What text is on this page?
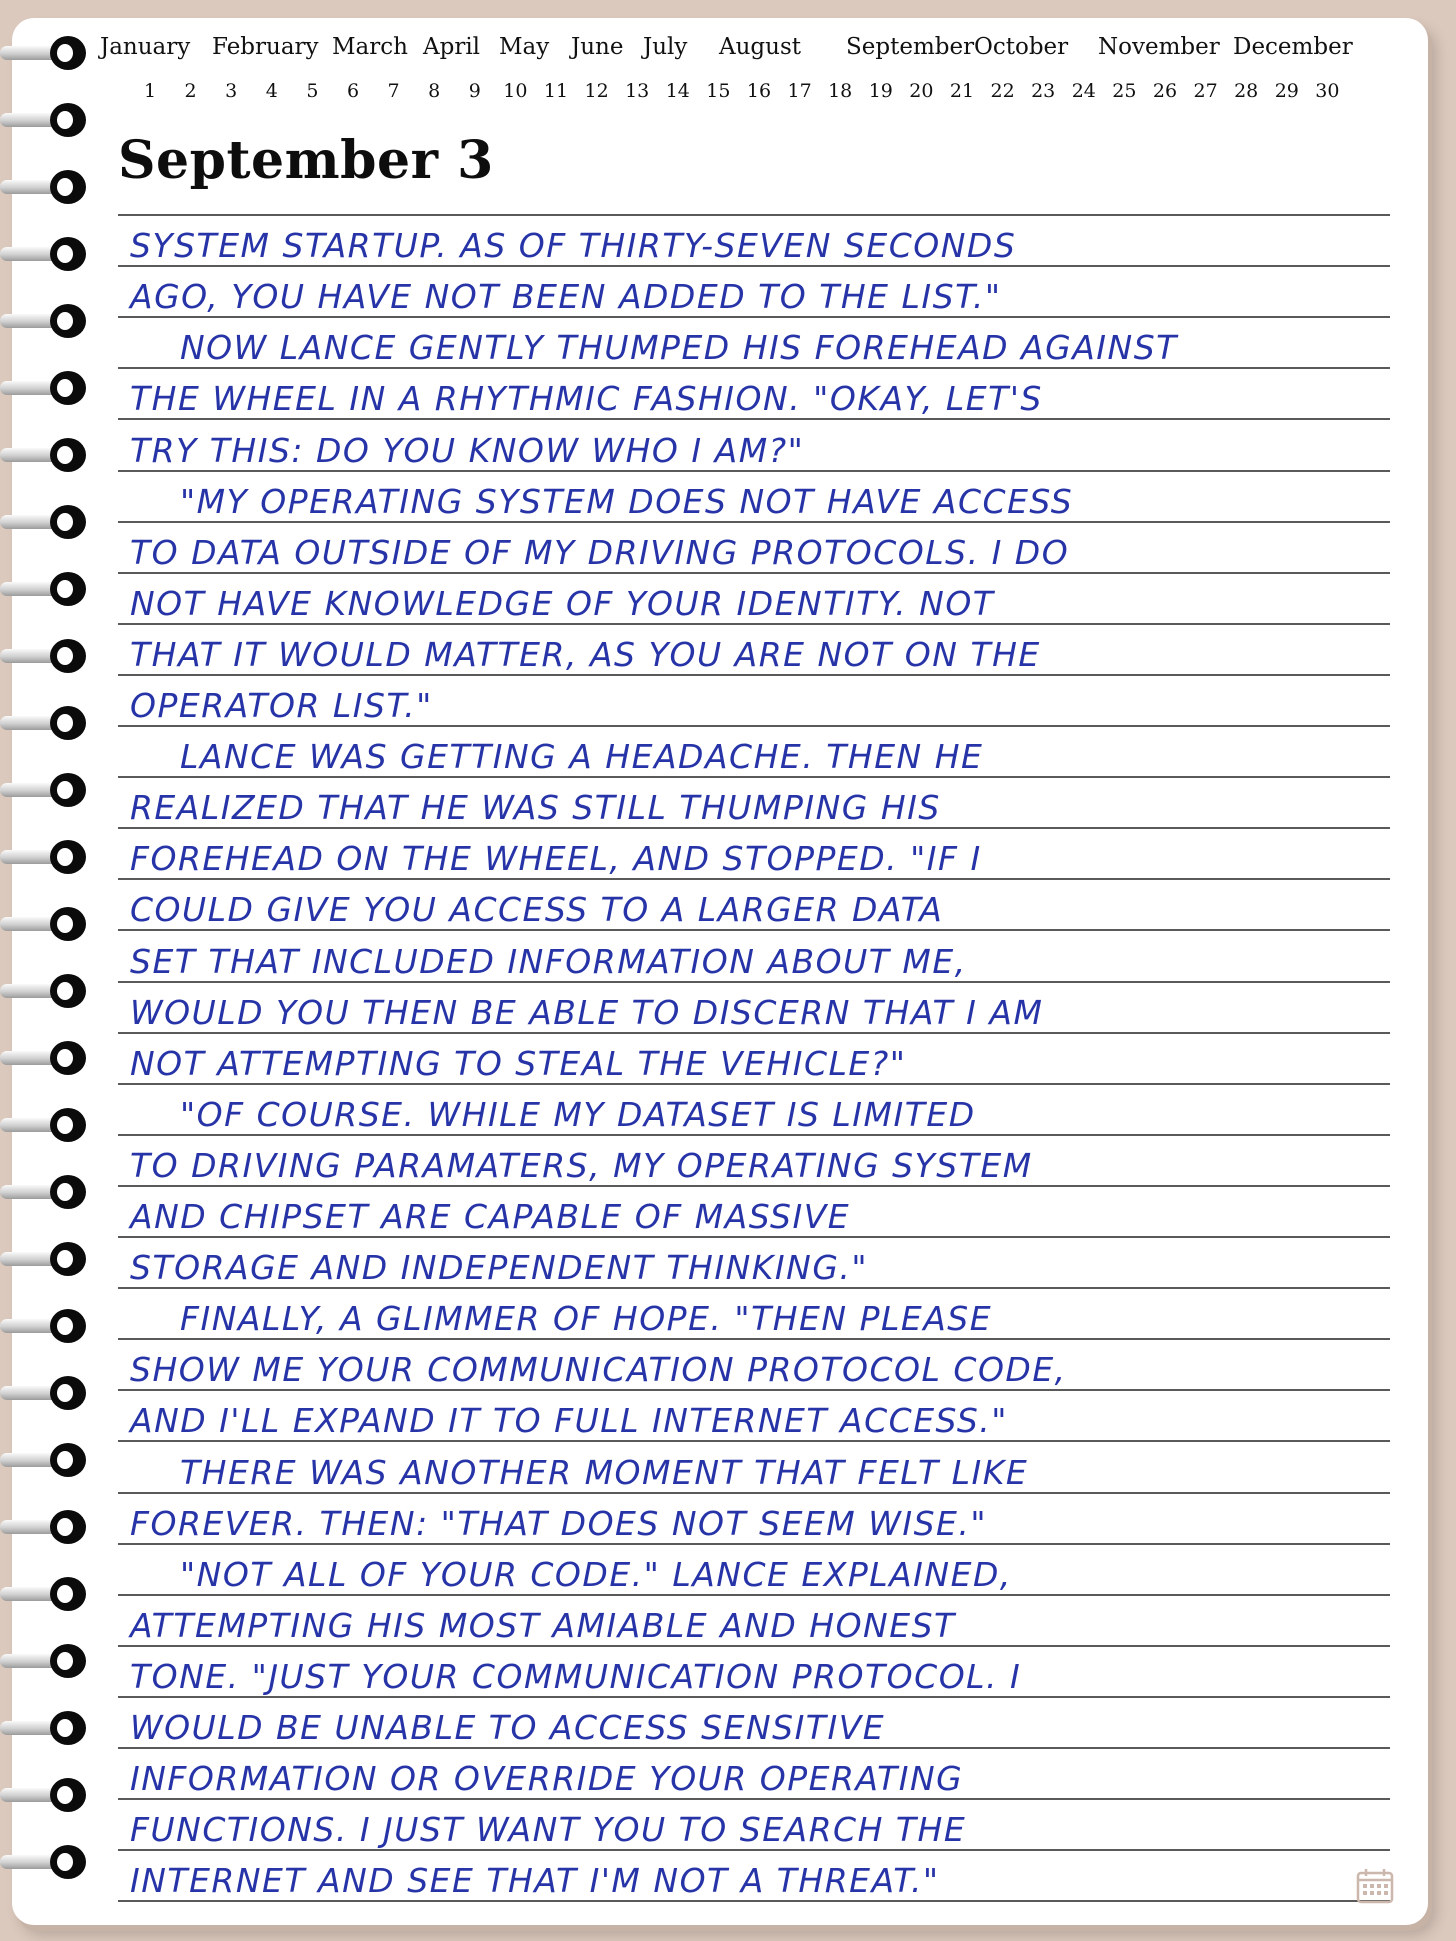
January February March April May June July August September October November December
1 2 3 4 5 6 7 8 9 10 11 12 13 14 15 16 17 18 19 20 21 22 23 24 25 26 27 28 29 30
September 3
SYSTEM STARTUP. AS OF THIRTY-SEVEN SECONDS
AGO, YOU HAVE NOT BEEN ADDED TO THE LIST."
NOW LANCE GENTLY THUMPED HIS FOREHEAD AGAINST
THE WHEEL IN A RHYTHMIC FASHION. "OKAY, LET'S
TRY THIS: DO YOU KNOW WHO I AM?"
"MY OPERATING SYSTEM DOES NOT HAVE ACCESS
TO DATA OUTSIDE OF MY DRIVING PROTOCOLS. I DO
NOT HAVE KNOWLEDGE OF YOUR IDENTITY. NOT
THAT IT WOULD MATTER, AS YOU ARE NOT ON THE
OPERATOR LIST."
LANCE WAS GETTING A HEADACHE. THEN HE
REALIZED THAT HE WAS STILL THUMPING HIS
FOREHEAD ON THE WHEEL, AND STOPPED. "IF I
COULD GIVE YOU ACCESS TO A LARGER DATA
SET THAT INCLUDED INFORMATION ABOUT ME,
WOULD YOU THEN BE ABLE TO DISCERN THAT I AM
NOT ATTEMPTING TO STEAL THE VEHICLE?"
"OF COURSE. WHILE MY DATASET IS LIMITED
TO DRIVING PARAMATERS, MY OPERATING SYSTEM
AND CHIPSET ARE CAPABLE OF MASSIVE
STORAGE AND INDEPENDENT THINKING."
FINALLY, A GLIMMER OF HOPE. "THEN PLEASE
SHOW ME YOUR COMMUNICATION PROTOCOL CODE,
AND I'LL EXPAND IT TO FULL INTERNET ACCESS."
THERE WAS ANOTHER MOMENT THAT FELT LIKE
FOREVER. THEN: "THAT DOES NOT SEEM WISE."
"NOT ALL OF YOUR CODE." LANCE EXPLAINED,
ATTEMPTING HIS MOST AMIABLE AND HONEST
TONE. "JUST YOUR COMMUNICATION PROTOCOL. I
WOULD BE UNABLE TO ACCESS SENSITIVE
INFORMATION OR OVERRIDE YOUR OPERATING
FUNCTIONS. I JUST WANT YOU TO SEARCH THE
INTERNET AND SEE THAT I'M NOT A THREAT."
